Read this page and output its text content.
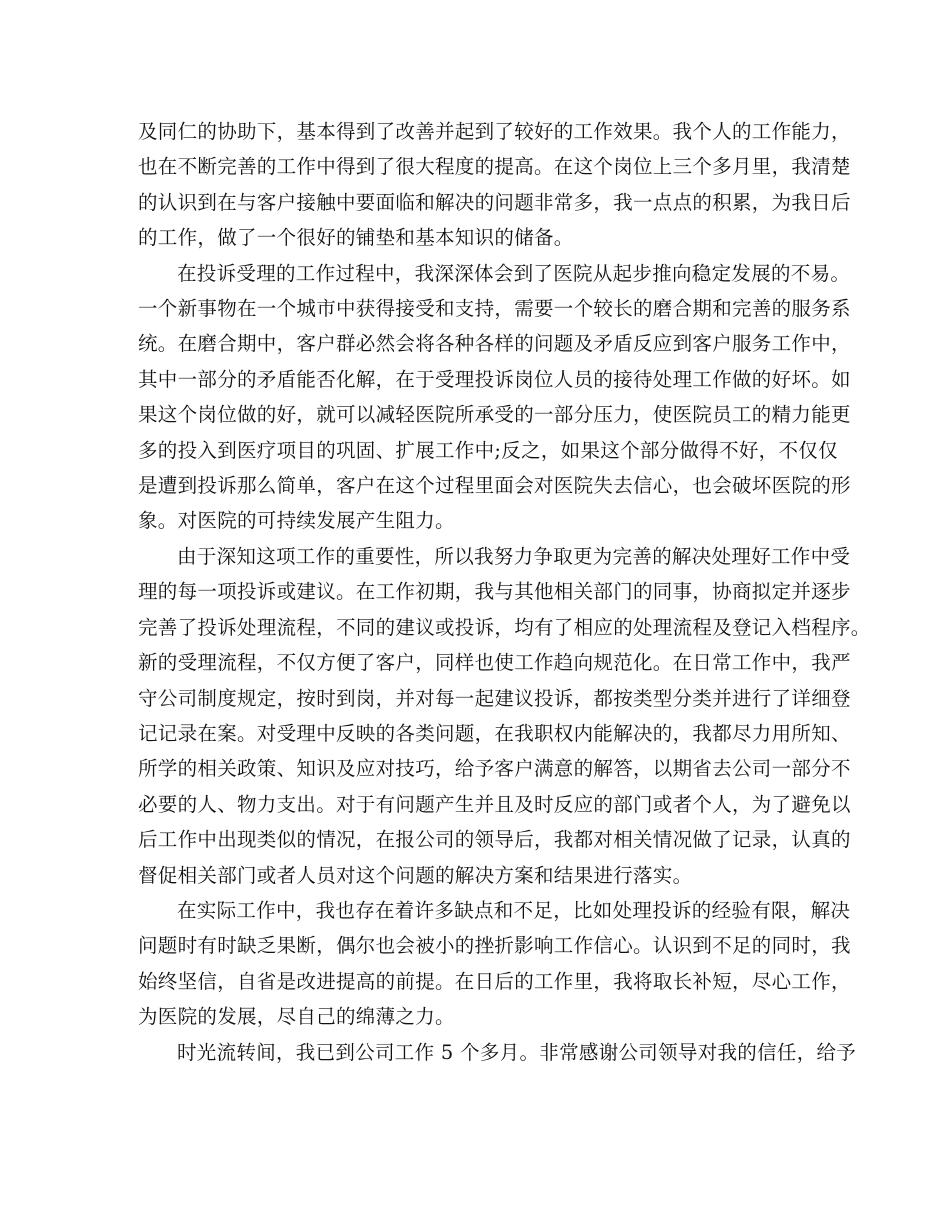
及同仁的协助下，基本得到了改善并起到了较好的工作效果。我个人的工作能力，
也在不断完善的工作中得到了很大程度的提高。在这个岗位上三个多月里，我清楚
的认识到在与客户接触中要面临和解决的问题非常多，我一点点的积累，为我日后
的工作，做了一个很好的铺垫和基本知识的储备。

在投诉受理的工作过程中，我深深体会到了医院从起步推向稳定发展的不易。
一个新事物在一个城市中获得接受和支持，需要一个较长的磨合期和完善的服务系
统。在磨合期中，客户群必然会将各种各样的问题及矛盾反应到客户服务工作中，
其中一部分的矛盾能否化解，在于受理投诉岗位人员的接待处理工作做的好坏。如
果这个岗位做的好，就可以减轻医院所承受的一部分压力，使医院员工的精力能更
多的投入到医疗项目的巩固、扩展工作中;反之，如果这个部分做得不好，不仅仅
是遭到投诉那么简单，客户在这个过程里面会对医院失去信心，也会破坏医院的形
象。对医院的可持续发展产生阻力。

由于深知这项工作的重要性，所以我努力争取更为完善的解决处理好工作中受
理的每一项投诉或建议。在工作初期，我与其他相关部门的同事，协商拟定并逐步
完善了投诉处理流程，不同的建议或投诉，均有了相应的处理流程及登记入档程序。
新的受理流程，不仅方便了客户，同样也使工作趋向规范化。在日常工作中，我严
守公司制度规定，按时到岗，并对每一起建议投诉，都按类型分类并进行了详细登
记记录在案。对受理中反映的各类问题，在我职权内能解决的，我都尽力用所知、
所学的相关政策、知识及应对技巧，给予客户满意的解答，以期省去公司一部分不
必要的人、物力支出。对于有问题产生并且及时反应的部门或者个人，为了避免以
后工作中出现类似的情况，在报公司的领导后，我都对相关情况做了记录，认真的
督促相关部门或者人员对这个问题的解决方案和结果进行落实。

在实际工作中，我也存在着许多缺点和不足，比如处理投诉的经验有限，解决
问题时有时缺乏果断，偶尔也会被小的挫折影响工作信心。认识到不足的同时，我
始终坚信，自省是改进提高的前提。在日后的工作里，我将取长补短，尽心工作，
为医院的发展，尽自己的绵薄之力。

时光流转间，我已到公司工作 5 个多月。非常感谢公司领导对我的信任，给予
